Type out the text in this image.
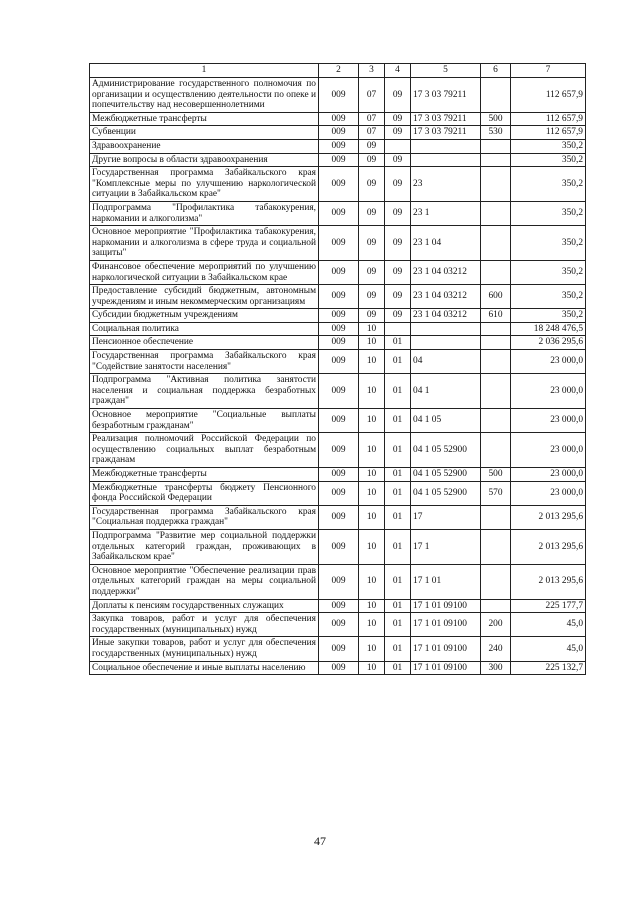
1	2	3	4	5	6	7
Администрирование государственного полномочия по организации и осуществлению деятельности по опеке и попечительству над несовершеннолетними	009	07	09	17 3 03 79211		112 657,9
Межбюджетные трансферты	009	07	09	17 3 03 79211	500	112 657,9
Субвенции	009	07	09	17 3 03 79211	530	112 657,9
Здравоохранение	009	09				350,2
Другие вопросы в области здравоохранения	009	09	09			350,2
Государственная программа Забайкальского края "Комплексные меры по улучшению наркологической ситуации в Забайкальском крае"	009	09	09	23		350,2
Подпрограмма "Профилактика табакокурения, наркомании и алкоголизма"	009	09	09	23 1		350,2
Основное мероприятие "Профилактика табакокурения, наркомании и алкоголизма в сфере труда и социальной защиты"	009	09	09	23 1 04		350,2
Финансовое обеспечение мероприятий по улучшению наркологической ситуации в Забайкальском крае	009	09	09	23 1 04 03212		350,2
Предоставление субсидий бюджетным, автономным учреждениям и иным некоммерческим организациям	009	09	09	23 1 04 03212	600	350,2
Субсидии бюджетным учреждениям	009	09	09	23 1 04 03212	610	350,2
Социальная политика	009	10				18 248 476,5
Пенсионное обеспечение	009	10	01			2 036 295,6
Государственная программа Забайкальского края "Содействие занятости населения"	009	10	01	04		23 000,0
Подпрограмма "Активная политика занятости населения и социальная поддержка безработных граждан"	009	10	01	04 1		23 000,0
Основное мероприятие "Социальные выплаты безработным гражданам"	009	10	01	04 1 05		23 000,0
Реализация полномочий Российской Федерации по осуществлению социальных выплат безработным гражданам	009	10	01	04 1 05 52900		23 000,0
Межбюджетные трансферты	009	10	01	04 1 05 52900	500	23 000,0
Межбюджетные трансферты бюджету Пенсионного фонда Российской Федерации	009	10	01	04 1 05 52900	570	23 000,0
Государственная программа Забайкальского края "Социальная поддержка граждан"	009	10	01	17		2 013 295,6
Подпрограмма "Развитие мер социальной поддержки отдельных категорий граждан, проживающих в Забайкальском крае"	009	10	01	17 1		2 013 295,6
Основное мероприятие "Обеспечение реализации прав отдельных категорий граждан на меры социальной поддержки"	009	10	01	17 1 01		2 013 295,6
Доплаты к пенсиям государственных служащих	009	10	01	17 1 01 09100		225 177,7
Закупка товаров, работ и услуг для обеспечения государственных (муниципальных) нужд	009	10	01	17 1 01 09100	200	45,0
Иные закупки товаров, работ и услуг для обеспечения государственных (муниципальных) нужд	009	10	01	17 1 01 09100	240	45,0
Социальное обеспечение и иные выплаты населению	009	10	01	17 1 01 09100	300	225 132,7
47
